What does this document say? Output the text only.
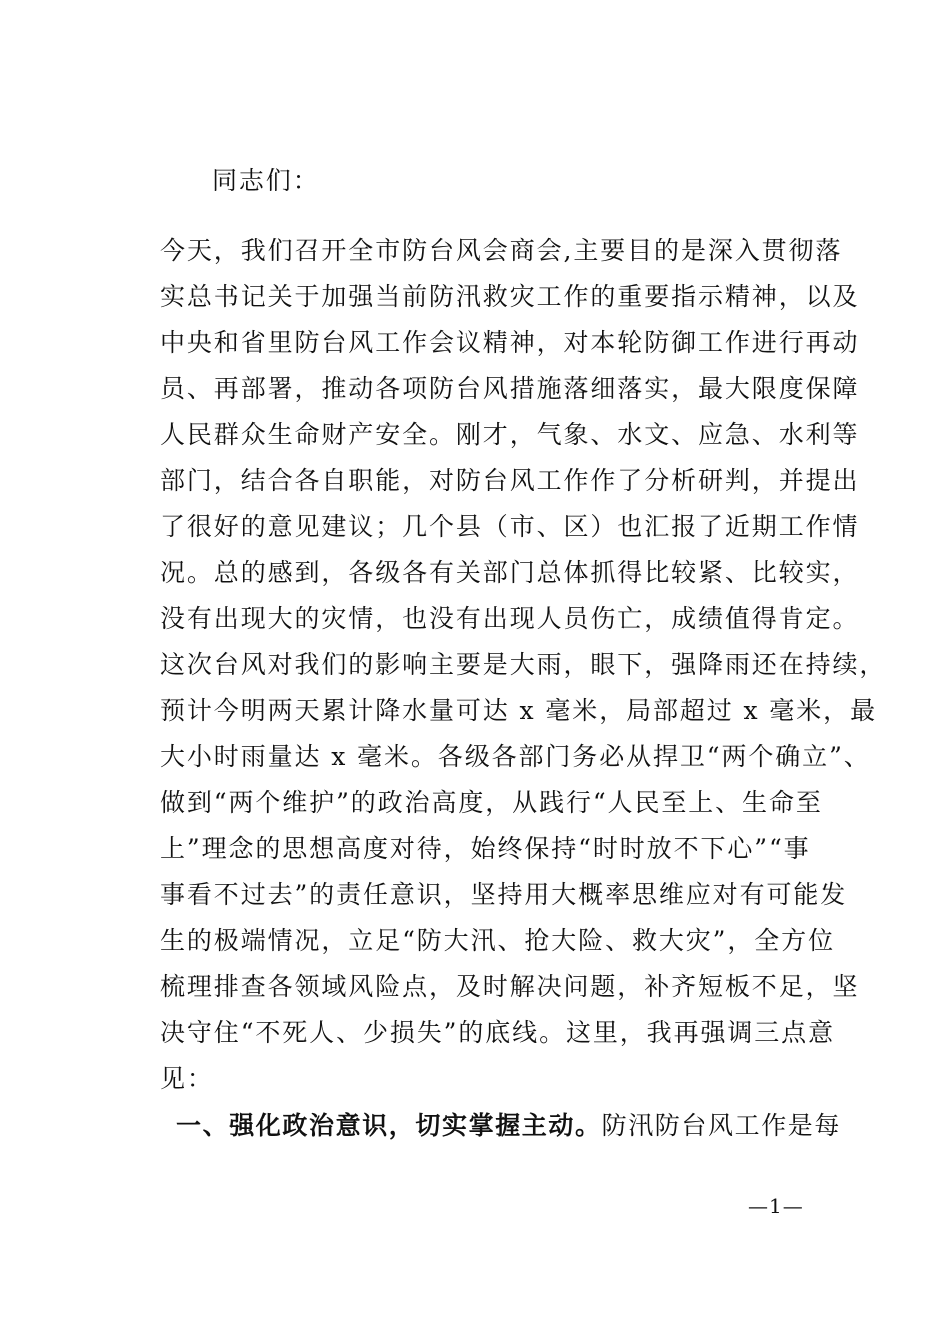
同志们：
今天，我们召开全市防台风会商会,主要目的是深入贯彻落
实总书记关于加强当前防汛救灾工作的重要指示精神，以及
中央和省里防台风工作会议精神，对本轮防御工作进行再动
员、再部署，推动各项防台风措施落细落实，最大限度保障
人民群众生命财产安全。刚才，气象、水文、应急、水利等
部门，结合各自职能，对防台风工作作了分析研判，并提出
了很好的意见建议；几个县（市、区）也汇报了近期工作情
况。总的感到，各级各有关部门总体抓得比较紧、比较实，
没有出现大的灾情，也没有出现人员伤亡，成绩值得肯定。
这次台风对我们的影响主要是大雨，眼下，强降雨还在持续，
预计今明两天累计降水量可达 x 毫米，局部超过 x 毫米，最
大小时雨量达 x 毫米。各级各部门务必从捍卫“两个确立”、
做到“两个维护”的政治高度，从践行“人民至上、生命至
上”理念的思想高度对待，始终保持“时时放不下心”“事
事看不过去”的责任意识，坚持用大概率思维应对有可能发
生的极端情况，立足“防大汛、抢大险、救大灾”，全方位
梳理排查各领域风险点，及时解决问题，补齐短板不足，坚
决守住“不死人、少损失”的底线。这里，我再强调三点意
见：
一、强化政治意识，切实掌握主动。防汛防台风工作是每
—1—
